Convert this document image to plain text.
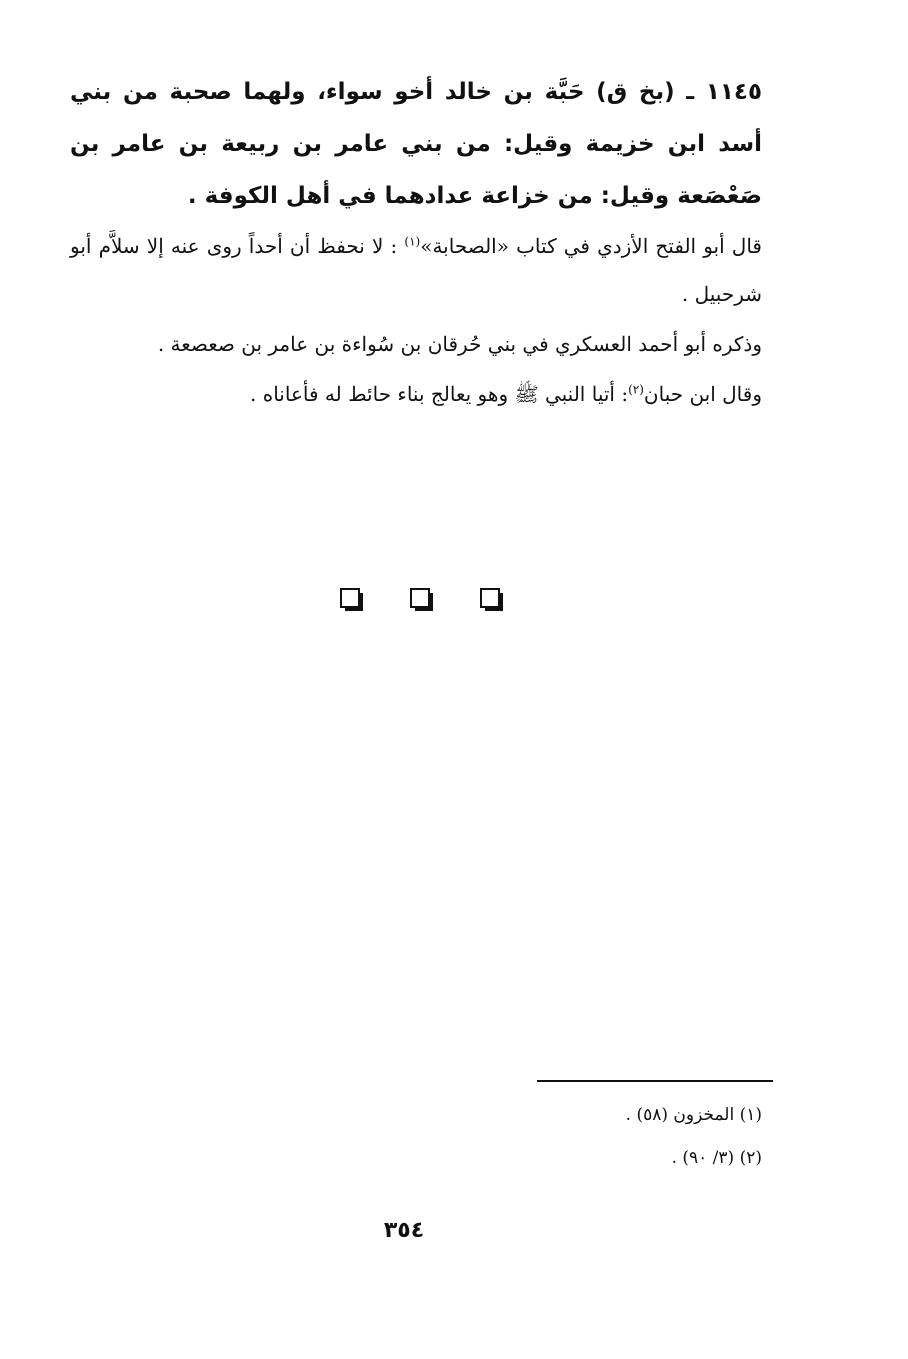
١١٤٥ ـ (بخ ق) حَبَّة بن خالد أخو سواء، ولهما صحبة من بني أسد ابن خزيمة وقيل: من بني عامر بن ربيعة بن عامر بن صَعْصَعة وقيل: من خزاعة عدادهما في أهل الكوفة .
قال أبو الفتح الأزدي في كتاب «الصحابة»$^{(١)}$ : لا نحفظ أن أحداً روى عنه إلا سلاَّم أبو شرحبيل .
وذكره أبو أحمد العسكري في بني حُرقان بن سُواءة بن عامر بن صعصعة .
وقال ابن حبان$^{(٢)}$: أتيا النبي ﷺ وهو يعالج بناء حائط له فأعاناه .
(١) المخزون (٥٨) .
(٢) (٣/ ٩٠) .
٣٥٤
